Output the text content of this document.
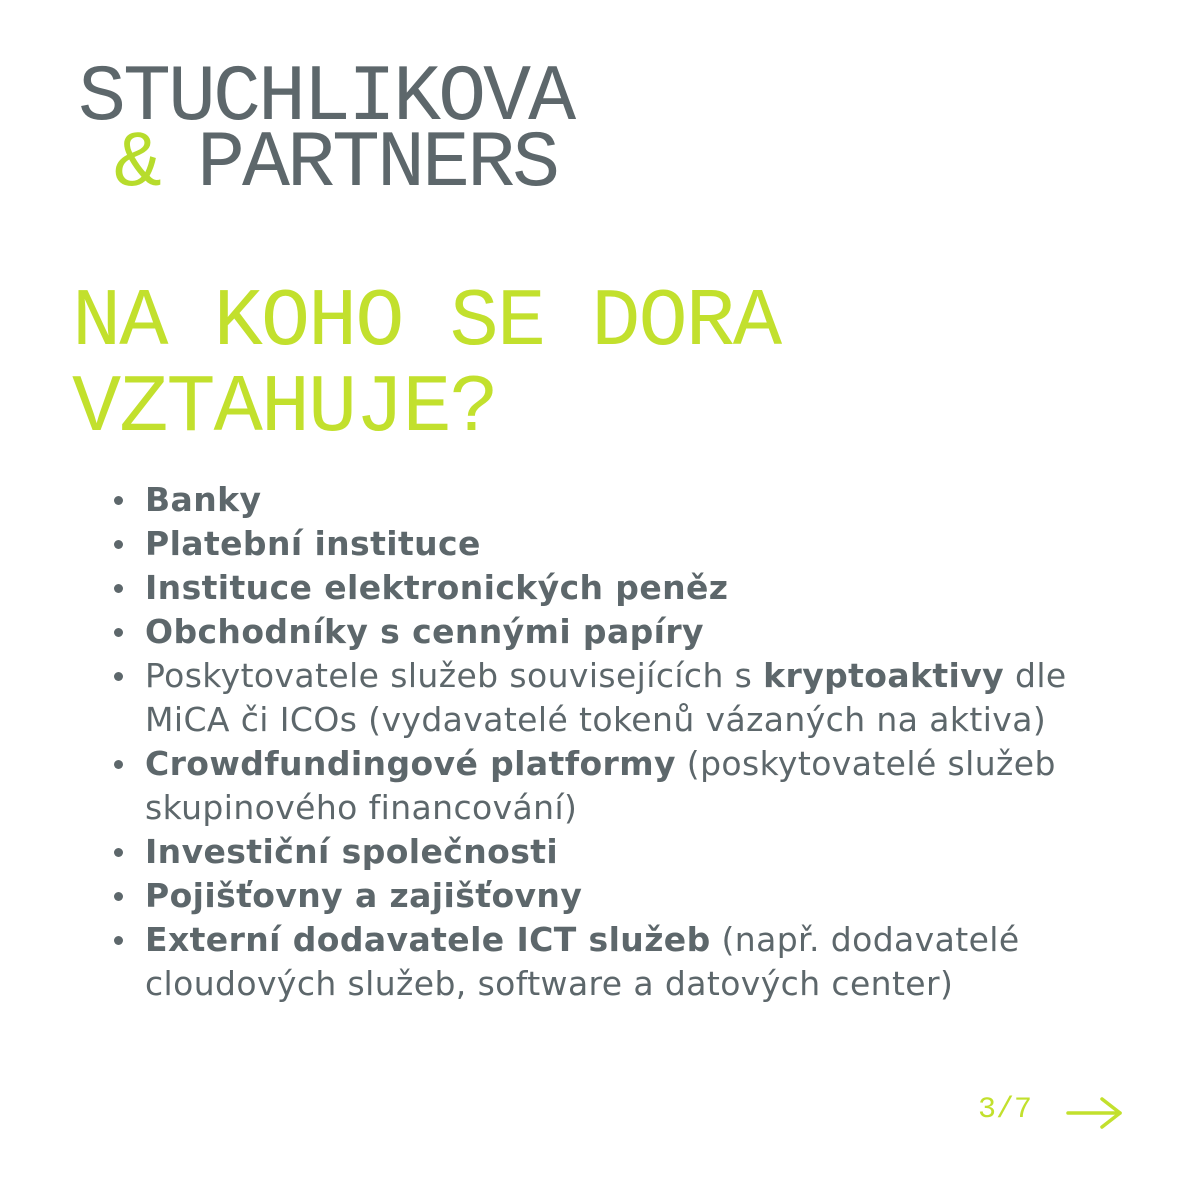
STUCHLIKOVA
& PARTNERS
NA KOHO SE DORA
VZTAHUJE?
Banky
Platební instituce
Instituce elektronických peněz
Obchodníky s cennými papíry
Poskytovatele služeb souvisejících s kryptoaktivy dle MiCA či ICOs (vydavatelé tokenů vázaných na aktiva)
Crowdfundingové platformy (poskytovatelé služeb skupinového financování)
Investiční společnosti
Pojišťovny a zajišťovny
Externí dodavatele ICT služeb (např. dodavatelé cloudových služeb, software a datových center)
3/7
